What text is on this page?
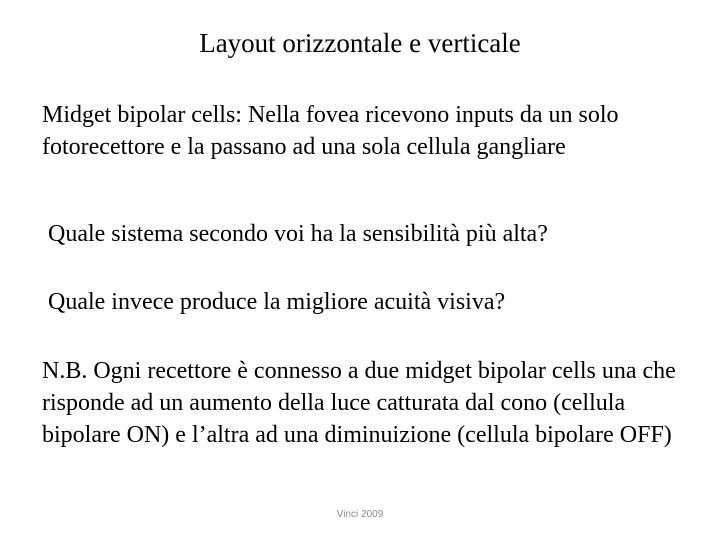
Layout orizzontale e verticale

Midget bipolar cells: Nella fovea ricevono inputs da un solo fotorecettore e la passano ad una sola cellula gangliare

Quale sistema secondo voi ha la sensibilità più alta?

Quale invece produce la migliore acuità visiva?

N.B. Ogni recettore è connesso a due midget bipolar cells una che risponde ad un aumento della luce catturata dal cono (cellula bipolare ON) e l’altra ad una diminuizione (cellula bipolare OFF)

Vinci 2009
